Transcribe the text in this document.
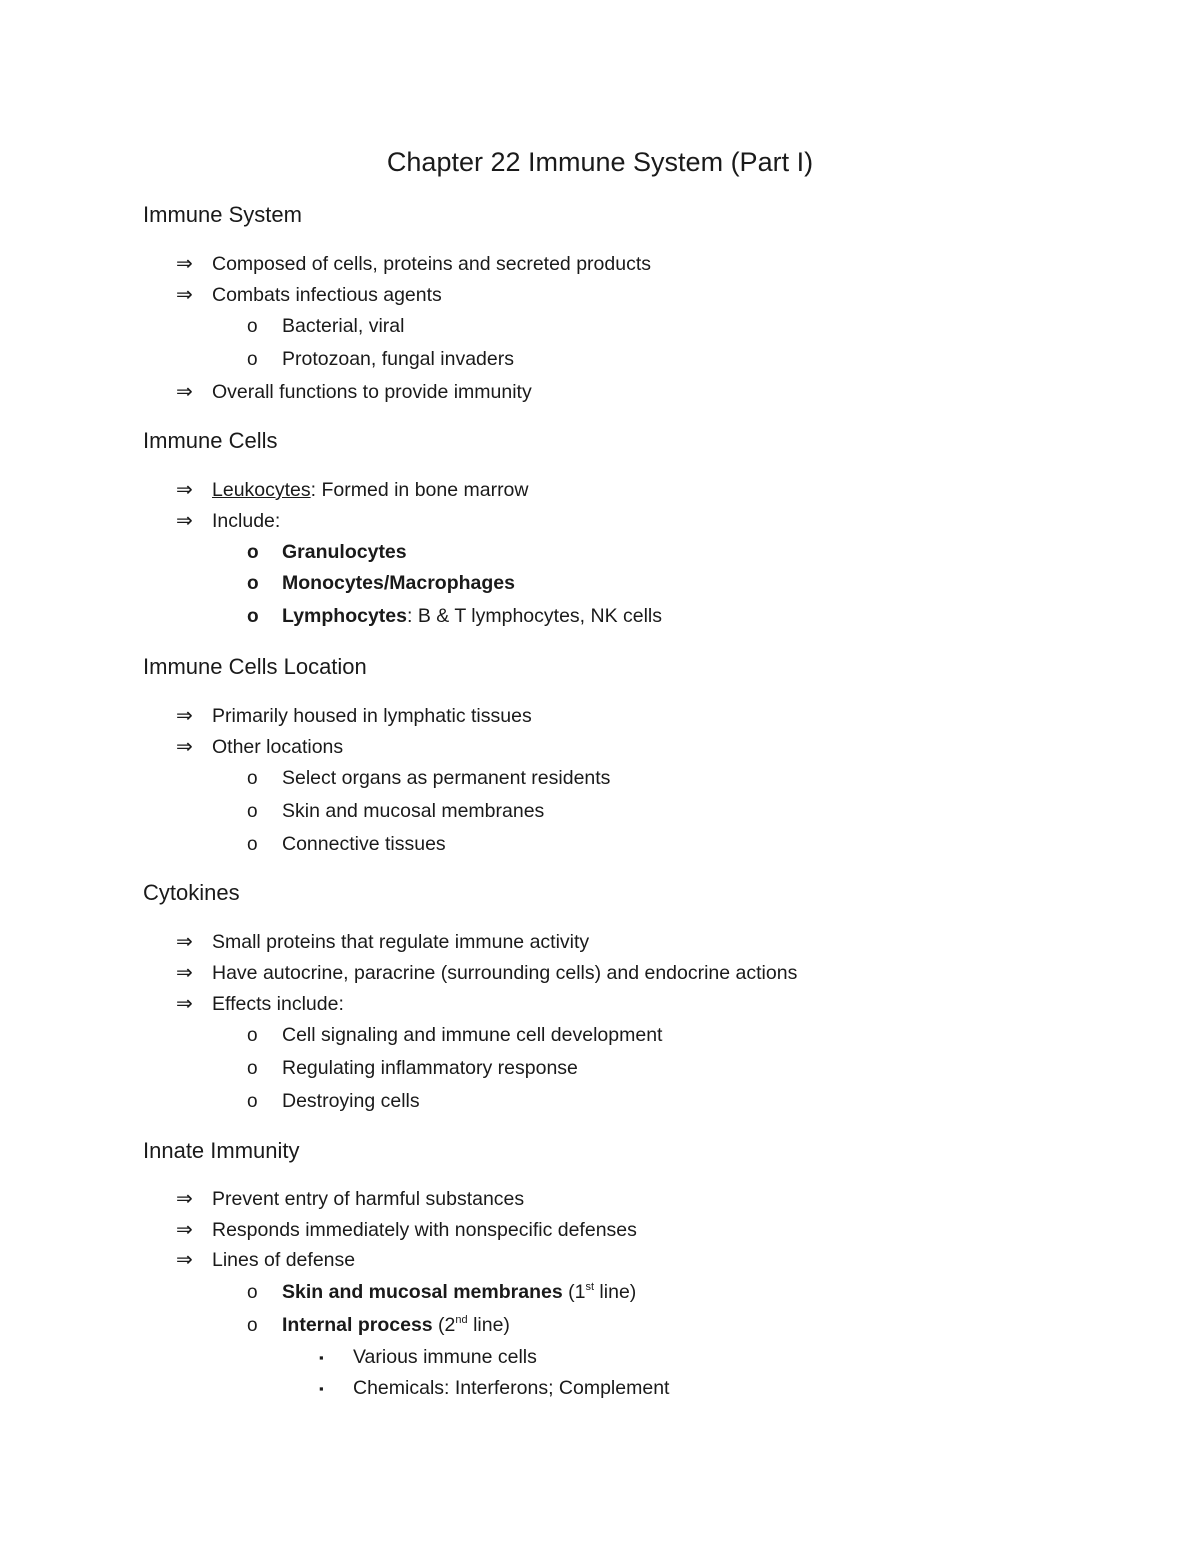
Chapter 22 Immune System (Part I)
Immune System
⇒ Composed of cells, proteins and secreted products
⇒ Combats infectious agents
o Bacterial, viral
o Protozoan, fungal invaders
⇒ Overall functions to provide immunity
Immune Cells
⇒ Leukocytes: Formed in bone marrow
⇒ Include:
o Granulocytes
o Monocytes/Macrophages
o Lymphocytes: B & T lymphocytes, NK cells
Immune Cells Location
⇒ Primarily housed in lymphatic tissues
⇒ Other locations
o Select organs as permanent residents
o Skin and mucosal membranes
o Connective tissues
Cytokines
⇒ Small proteins that regulate immune activity
⇒ Have autocrine, paracrine (surrounding cells) and endocrine actions
⇒ Effects include:
o Cell signaling and immune cell development
o Regulating inflammatory response
o Destroying cells
Innate Immunity
⇒ Prevent entry of harmful substances
⇒ Responds immediately with nonspecific defenses
⇒ Lines of defense
o Skin and mucosal membranes (1st line)
o Internal process (2nd line)
▪ Various immune cells
▪ Chemicals: Interferons; Complement
